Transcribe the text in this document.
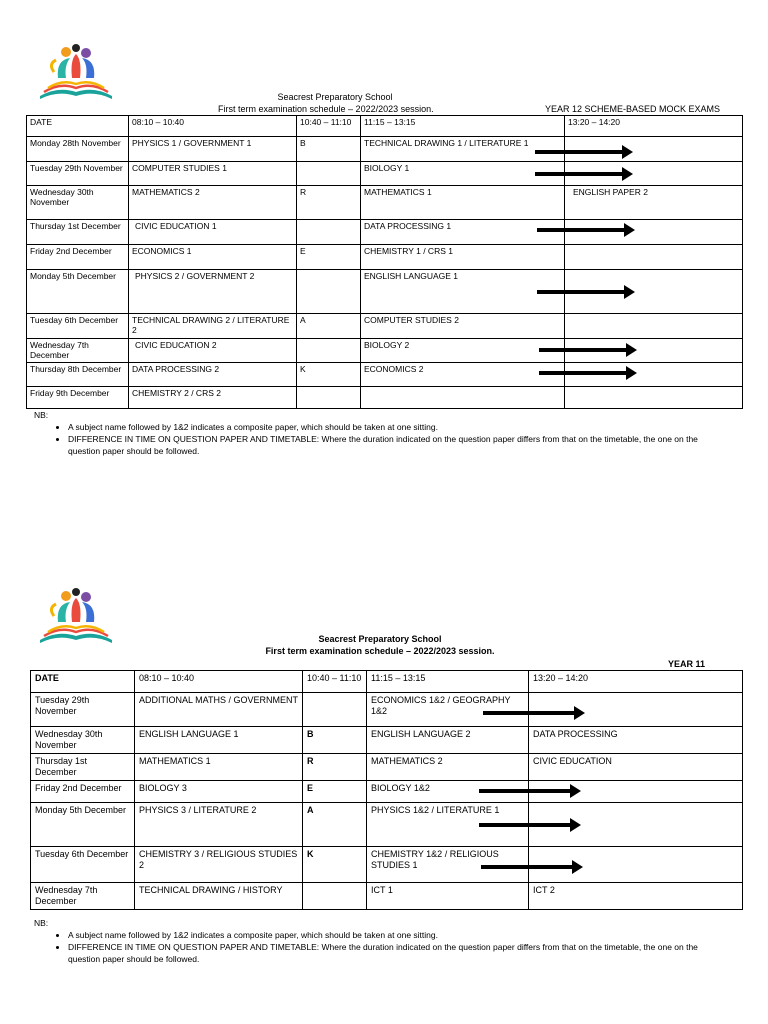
Seacrest Preparatory School
First term examination schedule – 2022/2023 session.	YEAR 12 SCHEME-BASED MOCK EXAMS
DATE	08:10 – 10:40	10:40 – 11:10	11:15 – 13:15	13:20 – 14:20
Monday 28th November	PHYSICS 1 / GOVERNMENT 1	B	TECHNICAL DRAWING 1 / LITERATURE 1

Tuesday 29th November	COMPUTER STUDIES 1		BIOLOGY 1

Wednesday 30th November	MATHEMATICS 2	R	MATHEMATICS 1	ENGLISH PAPER 2
Thursday 1st December	CIVIC EDUCATION 1		DATA PROCESSING 1

Friday 2nd December	ECONOMICS 1	E	CHEMISTRY 1 / CRS 1	
Monday 5th December	PHYSICS 2 / GOVERNMENT 2		ENGLISH LANGUAGE 1

Tuesday 6th December	TECHNICAL DRAWING 2 / LITERATURE 2	A	COMPUTER STUDIES 2	
Wednesday 7th December	CIVIC EDUCATION 2		BIOLOGY 2

Thursday 8th December	DATA PROCESSING 2	K	ECONOMICS 2

Friday 9th December	CHEMISTRY 2 / CRS 2			
NB:
• A subject name followed by 1&2 indicates a composite paper, which should be taken at one sitting.
• DIFFERENCE IN TIME ON QUESTION PAPER AND TIMETABLE: Where the duration indicated on the question paper differs from that on the timetable, the one on the question paper should be followed.
Seacrest Preparatory School
First term examination schedule – 2022/2023 session.
YEAR 11
DATE	08:10 – 10:40	10:40 – 11:10	11:15 – 13:15	13:20 – 14:20
Tuesday 29th November	ADDITIONAL MATHS / GOVERNMENT		ECONOMICS 1&2 / GEOGRAPHY 1&2

Wednesday 30th November	ENGLISH LANGUAGE 1	B	ENGLISH LANGUAGE 2	DATA PROCESSING
Thursday 1st December	MATHEMATICS 1	R	MATHEMATICS 2	CIVIC EDUCATION
Friday 2nd December	BIOLOGY 3	E	BIOLOGY 1&2

Monday 5th December	PHYSICS 3 / LITERATURE 2	A	PHYSICS 1&2 / LITERATURE 1

Tuesday 6th December	CHEMISTRY 3 / RELIGIOUS STUDIES 2	K	CHEMISTRY 1&2 / RELIGIOUS STUDIES 1

Wednesday 7th December	TECHNICAL DRAWING / HISTORY		ICT 1	ICT 2
NB:
• A subject name followed by 1&2 indicates a composite paper, which should be taken at one sitting.
• DIFFERENCE IN TIME ON QUESTION PAPER AND TIMETABLE: Where the duration indicated on the question paper differs from that on the timetable, the one on the question paper should be followed.
